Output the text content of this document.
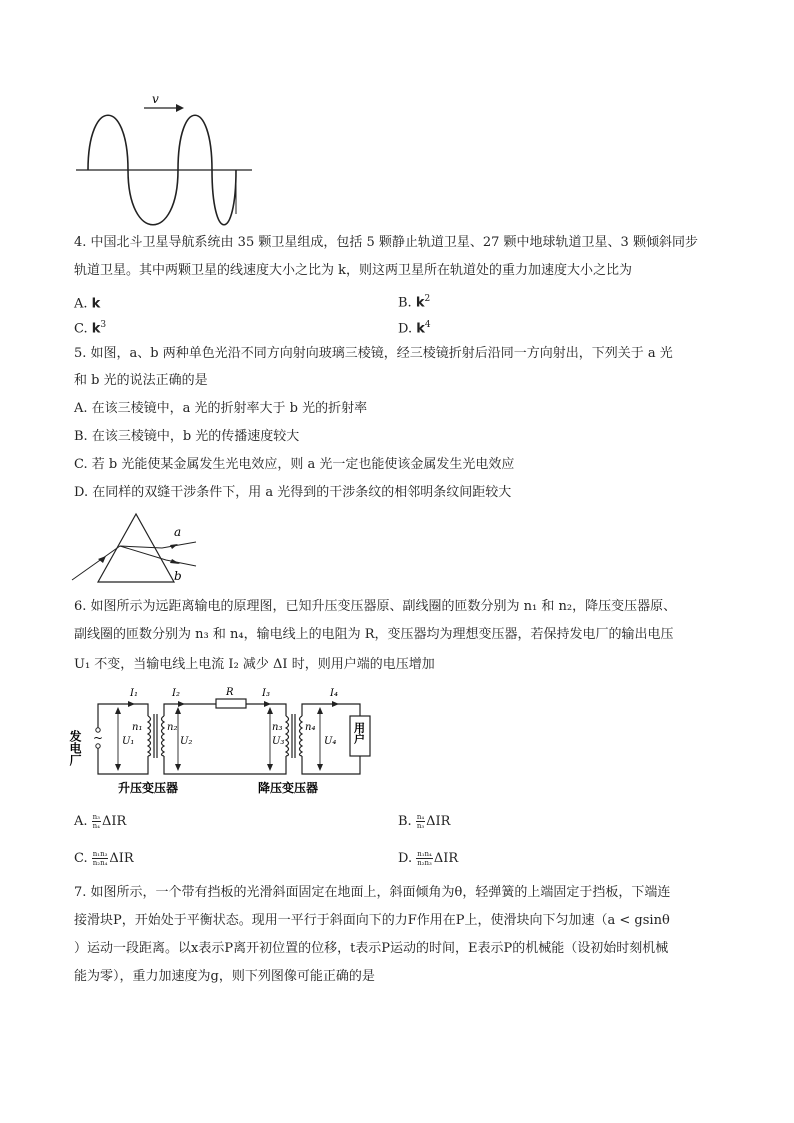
v
4. 中国北斗卫星导航系统由 35 颗卫星组成，包括 5 颗静止轨道卫星、27 颗中地球轨道卫星、3 颗倾斜同步
轨道卫星。其中两颗卫星的线速度大小之比为 k，则这两卫星所在轨道处的重力加速度大小之比为
A. k	B. $k^2$
C. $k^3$	D. $k^4$
5. 如图，a、b 两种单色光沿不同方向射向玻璃三棱镜，经三棱镜折射后沿同一方向射出，下列关于 a 光
和 b 光的说法正确的是
A. 在该三棱镜中，a 光的折射率大于 b 光的折射率
B. 在该三棱镜中，b 光的传播速度较大
C. 若 b 光能使某金属发生光电效应，则 a 光一定也能使该金属发生光电效应
D. 在同样的双缝干涉条件下，用 a 光得到的干涉条纹的相邻明条纹间距较大
a
b
6. 如图所示为远距离输电的原理图，已知升压变压器原、副线圈的匝数分别为 n₁ 和 n₂，降压变压器原、
副线圈的匝数分别为 n₃ 和 n₄，输电线上的电阻为 R，变压器均为理想变压器，若保持发电厂的输出电压
U₁ 不变，当输电线上电流 I₂ 减少 ΔI 时，则用户端的电压增加
~
I₁	I₂	R	I₃	I₄
U₁	U₂	U₃	U₄
n₁ n₂	n₃ n₄
发电厂	用户
升压变压器	降压变压器
A. $\frac{\text{n₃}}{\text{n₄}}$ ΔIR	B. $\frac{\text{n₄}}{\text{n₃}}$ ΔIR
C. $\frac{\text{n₁n₃}}{\text{n₂n₄}}$ ΔIR	D. $\frac{\text{n₁n₄}}{\text{n₂n₃}}$ ΔIR
7. 如图所示，一个带有挡板的光滑斜面固定在地面上，斜面倾角为θ，轻弹簧的上端固定于挡板，下端连
接滑块P，开始处于平衡状态。现用一平行于斜面向下的力F作用在P上，使滑块向下匀加速（a < gsinθ
）运动一段距离。以x表示P离开初位置的位移，t表示P运动的时间，E表示P的机械能（设初始时刻机械
能为零），重力加速度为g，则下列图像可能正确的是
